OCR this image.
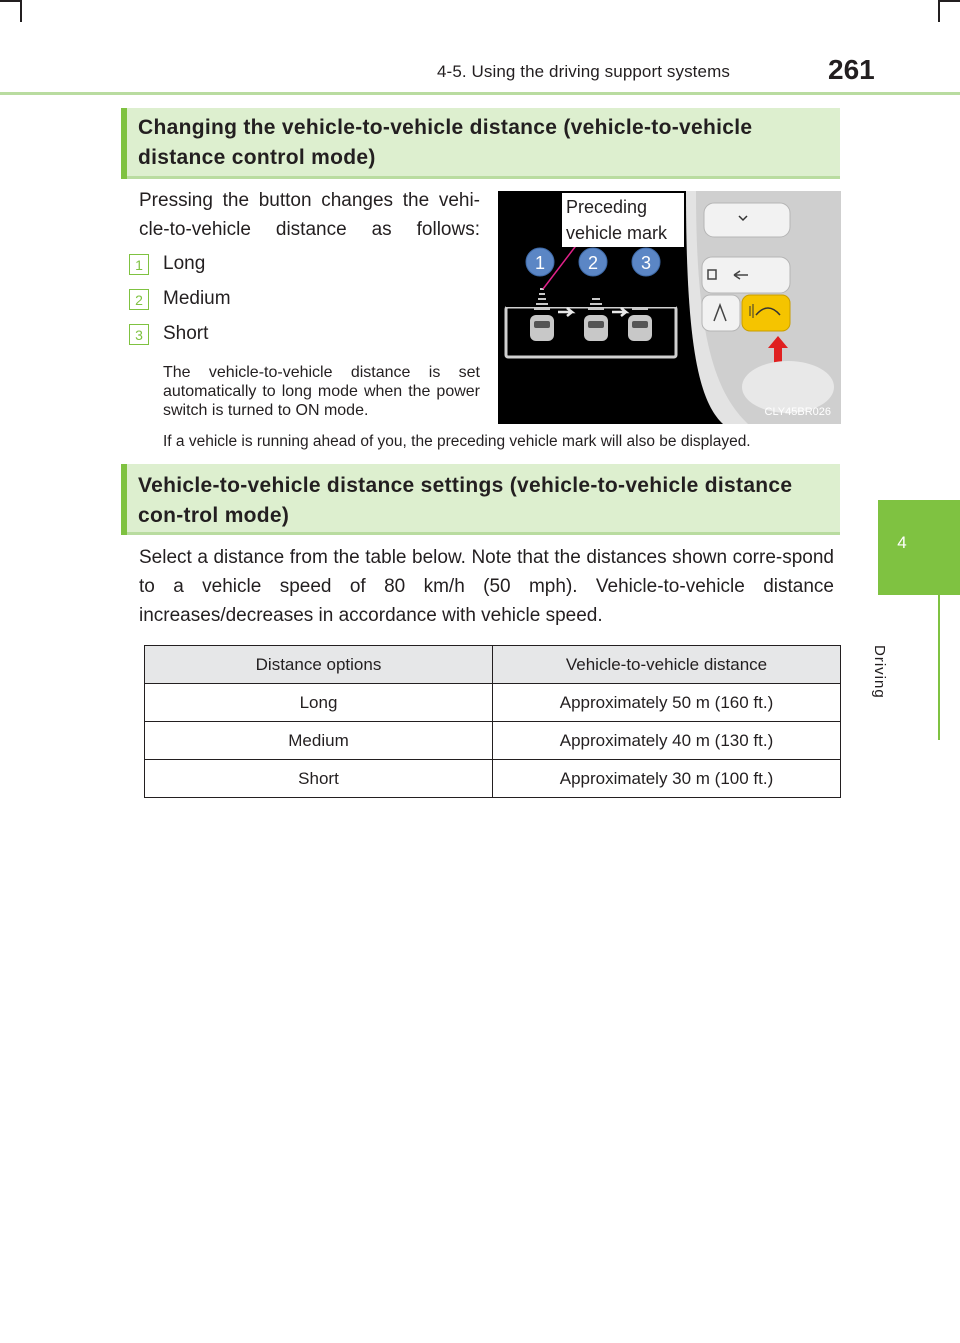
4-5. Using the driving support systems	261
4
Driving
Changing the vehicle-to-vehicle distance (vehicle-to-vehicle distance control mode)
Pressing the button changes the vehi-cle-to-vehicle distance as follows:
1	Long
2	Medium
3	Short
The vehicle-to-vehicle distance is set automatically to long mode when the power switch is turned to ON mode.
If a vehicle is running ahead of you, the preceding vehicle mark will also be displayed.
1 2 3
Preceding vehicle mark
CLY45BR026
Vehicle-to-vehicle distance settings (vehicle-to-vehicle distance con-trol mode)
Select a distance from the table below. Note that the distances shown corre-spond to a vehicle speed of 80 km/h (50 mph). Vehicle-to-vehicle distance increases/decreases in accordance with vehicle speed.
Distance options	Vehicle-to-vehicle distance
Long	Approximately 50 m (160 ft.)
Medium	Approximately 40 m (130 ft.)
Short	Approximately 30 m (100 ft.)
